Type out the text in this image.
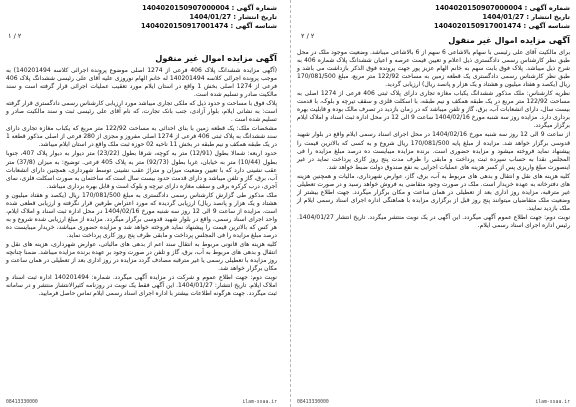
شماره آگهی : 1404020150907000004
تاریخ انتشار : 1404/01/27
شناسه آگهی : 1404020150917001474
۲ / ۱
آگهی مزایده اموال غیر منقول

(آگهی مزایده ششدانگ پلاک 406 فرعی از 1274 اصلی موضوع پرونده اجرائی کلاسه 140201494) به موجب پرونده اجرائی کلاسه 140201494 له خانم الهام نوروزی علیه آقای علی رئیسی ششدانگ پلاک 406 فرعی از 1274 اصلی بخش 1 واقع در استان ایلام مورد تعقیب عملیات اجرائی قرار گرفته است و سند مالکیت صادر و تسلیم شده است.

پلاک فوق با مساحت و حدود ذیل که ملکی تجاری میباشد مورد ارزیابی کارشناس رسمی دادگستری قرار گرفته است: به نشانی ایلام، بلوار آزادی، جنب بانک تجارت، که نام آقای علی رئیسی ثبت و سند مالکیت صادر و تسلیم شده است .

مشخصات ملک: یک قطعه زمین با بنای احداثی به مساحت 122/92 متر مربع که یکباب مغازه تجاری دارای سند ششدانگ به پلاک ثبتی 406 فرعی از 1274 اصلی مفروز و مجزی از 280 فرعی از اصلی مذکور قطعه 1 در یک طبقه همکف و نیم طبقه در بخش 11 ناحیه 02 حوزه ثبت ملک واقع در استان ایلام میباشد.

حدود اربعه: شمالا بطول (12/91) متر به کوچه، شرقا بطول (23/22) متر دیوار به دیوار پلاک 407، جنوبا بطول (10/44) متر به خیابان، غربا بطول (92/73) متر به پلاک 405 فرعی. توضیح: به میزان (37/8) متر عقب نشینی دارد که با تعیین وضعیت میزان و متراژ عقب نشینی توسط شهرداری، همچنین دارای انشعابات آب، برق، گاز و تلفن میباشد و دارای قدمت حدود بیست سال است که ساختمان به صورت اسکلت فلزی، نمای آجری، درب کرکره برقی و سقف مغازه دارای تیرچه و بلوک است و قابل بهره برداری میباشد.

ملک مذکور طی گزارش کارشناس رسمی دادگستری به مبلغ 170/081/500 ریال (یکصد و هفتاد میلیون و هشتاد و یک هزار و پانصد ریال) ارزیابی گردیده که مورد اعتراض طرفین قرار نگرفته و ارزیابی قطعی شده است. مزایده از ساعت 9 الی 12 روز سه شنبه مورخ 1404/02/16 در محل اداره ثبت اسناد و املاک ایلام، واحد اجرای اسناد رسمی، واقع در بلوار شهید قدوسی برگزار میگردد. مزایده از مبلغ ارزیابی شده شروع و به هر کس که بالاترین قیمت را پیشنهاد نماید فروخته خواهد شد و مزایده حضوری میباشد، خریدار میبایست ده درصد مبلغ مزایده را فی المجلس پرداخت و مابقی ظرف پنج روز کاری پرداخت نماید.

کلیه هزینه های قانونی مربوط به انتقال سند اعم از بدهی های مالیاتی، عوارض شهرداری، هزینه های نقل و انتقال و بدهی های مربوط به آب، برق، گاز و تلفن در صورت وجود بر عهده برنده مزایده میباشد. ضمنا چنانچه روز مزایده با تعطیلی رسمی یا غیر مترقبه مصادف گردد مزایده در روز اداری بعد از تعطیلی در همان ساعت و مکان برگزار خواهد شد.

نوبت دوم: جهت اطلاع عموم و شرکت در مزایده آگهی میگردد. شماره: 140201494 اداره ثبت اسناد و املاک ایلام. تاریخ انتشار: 1404/01/27. این آگهی فقط یک نوبت در روزنامه کثیرالانتشار منتشر و در سامانه ثبت میگردد. جهت هرگونه اطلاعات بیشتر با اداره اجرای اسناد رسمی ایلام تماس حاصل فرمایید.

08413330000	ilam-ssaa.ir
شماره آگهی : 1404020150907000004
تاریخ انتشار : 1404/01/27
شناسه آگهی : 1404020150917001474
۲ / ۲	آگهی مزایده اموال غیر منقول

برای مالکیت آقای علی رئیسی با سهام بالاشاعی 6 سهم از 6 بالاشاعی میباشد. وضعیت موجود ملک در محل طبق نظر کارشناس رسمی دادگستری ذیل اعلام و تعیین قیمت عرصه و اعیان ششدانگ پلاک شماره 406 به شرح ذیل میباشد. پلاک فوق بابت سهم به خانم الهام عزیز پور جهت پرونده فوق الذکر بازداشت می باشد و طبق نظر کارشناس رسمی دادگستری یک قطعه زمین به مساحت 122/92 متر مربع، مبلغ 170/081/500 ریال (یکصد و هفتاد میلیون و هشتاد و یک هزار و پانصد ریال) ارزیابی گردید.

نظریه کارشناس: ملک مذکور ششدانگ یکباب مغازه تجاری دارای پلاک ثبتی 406 فرعی از 1274 اصلی به مساحت 122/92 متر مربع در یک طبقه همکف و نیم طبقه، با اسکلت فلزی و سقف تیرچه و بلوک، با قدمت بیست سال، دارای انشعابات آب، برق، گاز و تلفن میباشد که در زمان بازدید در تصرف مالک بوده و قابلیت بهره برداری دارد. مزایده روز سه شنبه مورخ 1404/02/16 ساعت 9 الی 12 در محل اداره ثبت اسناد و املاک ایلام برگزار میگردد.

از ساعت 9 الی 12 روز سه شنبه مورخ 1404/02/16 در محل اجرای اسناد رسمی ایلام واقع در بلوار شهید قدوسی برگزار خواهد شد. مزایده از مبلغ پایه 170/081/500 ریال شروع و به کسی که بالاترین قیمت را پیشنهاد نماید فروخته میشود و مزایده حضوری است. برنده مزایده میبایست ده درصد مبلغ مزایده را فی المجلس نقدا به حساب سپرده ثبت پرداخت و مابقی را ظرف مدت پنج روز کاری پرداخت نماید در غیر اینصورت مبلغ واریزی پس از کسر هزینه های عملیات اجرایی به نفع صندوق دولت ضبط خواهد شد.

کلیه هزینه های نقل و انتقال و بدهی های مربوط به آب، برق، گاز، عوارض شهرداری، مالیات و همچنین هزینه های دفترخانه به عهده خریدار است. ملک در صورت وجود متقاضی به فروش خواهد رسید و در صورت تعطیلی غیر مترقبه، مزایده روز اداری بعد از تعطیلی در همان ساعت و مکان برگزار میگردد. جهت اطلاع بیشتر از وضعیت ملک متقاضیان میتوانند پنج روز قبل از برگزاری مزایده با هماهنگی اداره اجرای اسناد رسمی ایلام از ملک بازدید نمایند.

نوبت دوم: جهت اطلاع عموم آگهی میگردد. این آگهی در یک نوبت منتشر میگردد. تاریخ انتشار 1404/01/27. رئیس اداره اجرای اسناد رسمی ایلام.

08413330000	ilam-ssaa.ir
